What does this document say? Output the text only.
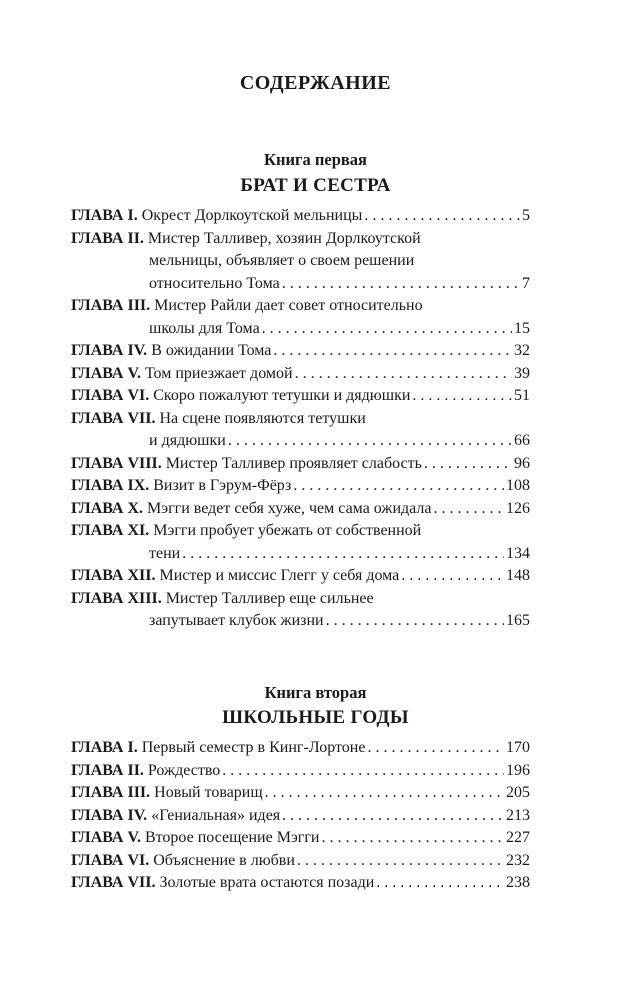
СОДЕРЖАНИЕ
Книга первая
БРАТ И СЕСТРА
ГЛАВА I. Окрест Дорлкоутской мельницы . . .	5
ГЛАВА II. Мистер Талливер, хозяин Дорлкоутской
мельницы, объявляет о своем решении
относительно Тома . . .	7
ГЛАВА III. Мистер Райли дает совет относительно
школы для Тома . . .	15
ГЛАВА IV. В ожидании Тома . . .	32
ГЛАВА V. Том приезжает домой . . .	39
ГЛАВА VI. Скоро пожалуют тетушки и дядюшки . . .	51
ГЛАВА VII. На сцене появляются тетушки
и дядюшки . . .	66
ГЛАВА VIII. Мистер Талливер проявляет слабость . . .	96
ГЛАВА IX. Визит в Гэрум-Фёрз . . .	108
ГЛАВА X. Мэгги ведет себя хуже, чем сама ожидала . . .	126
ГЛАВА XI. Мэгги пробует убежать от собственной
тени . . .	134
ГЛАВА XII. Мистер и миссис Глегг у себя дома . . .	148
ГЛАВА XIII. Мистер Талливер еще сильнее
запутывает клубок жизни . . .	165
Книга вторая
ШКОЛЬНЫЕ ГОДЫ
ГЛАВА I. Первый семестр в Кинг-Лортоне . . .	170
ГЛАВА II. Рождество . . .	196
ГЛАВА III. Новый товарищ . . .	205
ГЛАВА IV. «Гениальная» идея . . .	213
ГЛАВА V. Второе посещение Мэгги . . .	227
ГЛАВА VI. Объяснение в любви . . .	232
ГЛАВА VII. Золотые врата остаются позади . . .	238
